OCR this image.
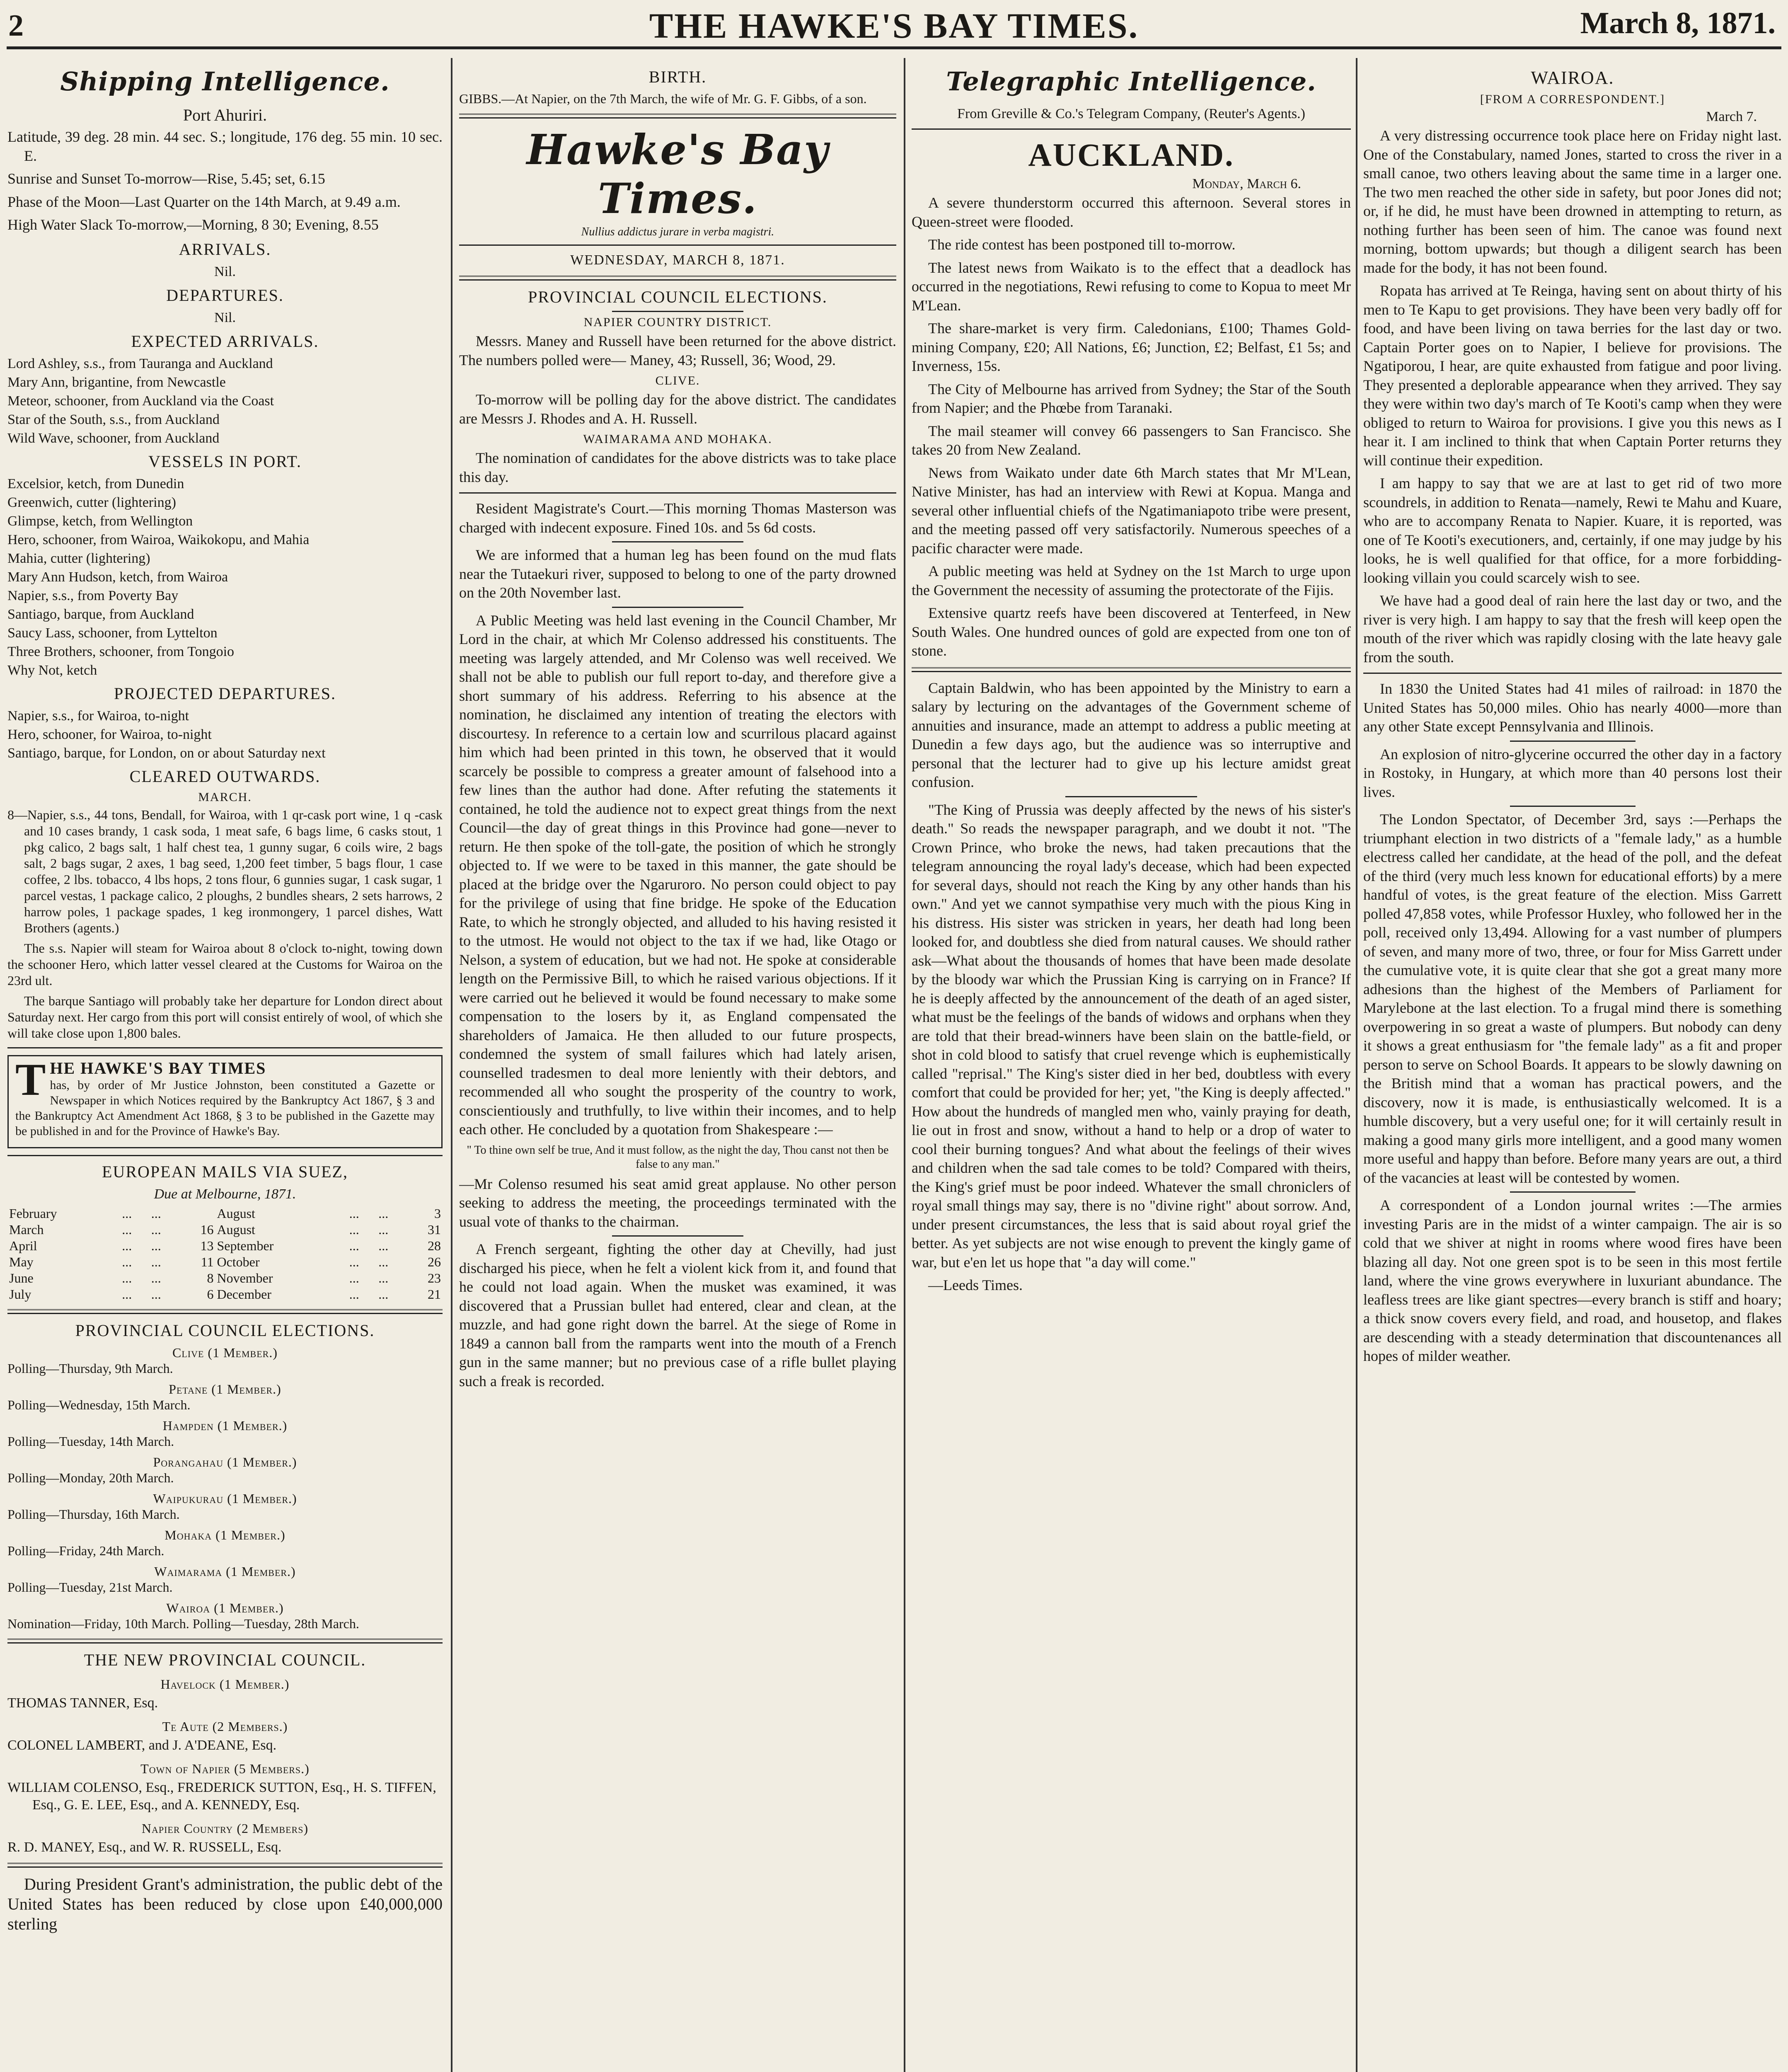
2	THE HAWKE'S BAY TIMES.	March 8, 1871.
Shipping Intelligence.
Port Ahuriri.

Latitude, 39 deg. 28 min. 44 sec. S.; longitude, 176 deg. 55 min. 10 sec. E.

Sunrise and Sunset To-morrow—Rise, 5.45; set, 6.15

Phase of the Moon—Last Quarter on the 14th March, at 9.49 a.m.

High Water Slack To-morrow,—Morning, 8 30; Evening, 8.55

ARRIVALS.
Nil.
DEPARTURES.
Nil.
EXPECTED ARRIVALS.
Lord Ashley, s.s., from Tauranga and Auckland
Mary Ann, brigantine, from Newcastle
Meteor, schooner, from Auckland via the Coast
Star of the South, s.s., from Auckland
Wild Wave, schooner, from Auckland
VESSELS IN PORT.
Excelsior, ketch, from Dunedin
Greenwich, cutter (lightering)
Glimpse, ketch, from Wellington
Hero, schooner, from Wairoa, Waikokopu, and Mahia
Mahia, cutter (lightering)
Mary Ann Hudson, ketch, from Wairoa
Napier, s.s., from Poverty Bay
Santiago, barque, from Auckland
Saucy Lass, schooner, from Lyttelton
Three Brothers, schooner, from Tongoio
Why Not, ketch
PROJECTED DEPARTURES.
Napier, s.s., for Wairoa, to-night
Hero, schooner, for Wairoa, to-night
Santiago, barque, for London, on or about Saturday next
CLEARED OUTWARDS.
MARCH.

8—Napier, s.s., 44 tons, Bendall, for Wairoa, with 1 qr-cask port wine, 1 q -cask and 10 cases brandy, 1 cask soda, 1 meat safe, 6 bags lime, 6 casks stout, 1 pkg calico, 2 bags salt, 1 half chest tea, 1 gunny sugar, 6 coils wire, 2 bags salt, 2 bags sugar, 2 axes, 1 bag seed, 1,200 feet timber, 5 bags flour, 1 case coffee, 2 lbs. tobacco, 4 lbs hops, 2 tons flour, 6 gunnies sugar, 1 cask sugar, 1 parcel vestas, 1 package calico, 2 ploughs, 2 bundles shears, 2 sets harrows, 2 harrow poles, 1 package spades, 1 keg ironmongery, 1 parcel dishes, Watt Brothers (agents.)

The s.s. Napier will steam for Wairoa about 8 o'clock to-night, towing down the schooner Hero, which latter vessel cleared at the Customs for Wairoa on the 23rd ult.

The barque Santiago will probably take her departure for London direct about Saturday next. Her cargo from this port will consist entirely of wool, of which she will take close upon 1,800 bales.

THE HAWKE'S BAY TIMES
has, by order of Mr Justice Johnston, been constituted a Gazette or Newspaper in which Notices required by the Bankruptcy Act 1867, § 3 and the Bankruptcy Act Amendment Act 1868, § 3 to be published in the Gazette may be published in and for the Province of Hawke's Bay.

EUROPEAN MAILS VIA SUEZ,
Due at Melbourne, 1871.
February	...	...		August	...	...	3
March	...	...	16	August	...	...	31
April	...	...	13	September	...	...	28
May	...	...	11	October	...	...	26
June	...	...	8	November	...	...	23
July	...	...	6	December	...	...	21
PROVINCIAL COUNCIL ELECTIONS.
Clive (1 Member.)
Polling—Thursday, 9th March.
Petane (1 Member.)
Polling—Wednesday, 15th March.
Hampden (1 Member.)
Polling—Tuesday, 14th March.
Porangahau (1 Member.)
Polling—Monday, 20th March.
Waipukurau (1 Member.)
Polling—Thursday, 16th March.
Mohaka (1 Member.)
Polling—Friday, 24th March.
Waimarama (1 Member.)
Polling—Tuesday, 21st March.
Wairoa (1 Member.)
Nomination—Friday, 10th March. Polling—Tuesday, 28th March.
THE NEW PROVINCIAL COUNCIL.
Havelock (1 Member.)
THOMAS TANNER, Esq.
Te Aute (2 Members.)
COLONEL LAMBERT, and J. A'DEANE, Esq.
Town of Napier (5 Members.)
WILLIAM COLENSO, Esq., FREDERICK SUTTON, Esq., H. S. TIFFEN, Esq., G. E. LEE, Esq., and A. KENNEDY, Esq.
Napier Country (2 Members)
R. D. MANEY, Esq., and W. R. RUSSELL, Esq.

During President Grant's administration, the public debt of the United States has been reduced by close upon £40,000,000 sterling

BIRTH.

GIBBS.—At Napier, on the 7th March, the wife of Mr. G. F. Gibbs, of a son.

Hawke's Bay Times.
Nullius addictus jurare in verba magistri.
WEDNESDAY, MARCH 8, 1871.
PROVINCIAL COUNCIL ELECTIONS.
NAPIER COUNTRY DISTRICT.

Messrs. Maney and Russell have been returned for the above district. The numbers polled were— Maney, 43; Russell, 36; Wood, 29.

CLIVE.

To-morrow will be polling day for the above district. The candidates are Messrs J. Rhodes and A. H. Russell.

WAIMARAMA AND MOHAKA.

The nomination of candidates for the above districts was to take place this day.

Resident Magistrate's Court.—This morning Thomas Masterson was charged with indecent exposure. Fined 10s. and 5s 6d costs.

We are informed that a human leg has been found on the mud flats near the Tutaekuri river, supposed to belong to one of the party drowned on the 20th November last.

A Public Meeting was held last evening in the Council Chamber, Mr Lord in the chair, at which Mr Colenso addressed his constituents. The meeting was largely attended, and Mr Colenso was well received. We shall not be able to publish our full report to-day, and therefore give a short summary of his address. Referring to his absence at the nomination, he disclaimed any intention of treating the electors with discourtesy. In reference to a certain low and scurrilous placard against him which had been printed in this town, he observed that it would scarcely be possible to compress a greater amount of falsehood into a few lines than the author had done. After refuting the statements it contained, he told the audience not to expect great things from the next Council—the day of great things in this Province had gone—never to return. He then spoke of the toll-gate, the position of which he strongly objected to. If we were to be taxed in this manner, the gate should be placed at the bridge over the Ngaruroro. No person could object to pay for the privilege of using that fine bridge. He spoke of the Education Rate, to which he strongly objected, and alluded to his having resisted it to the utmost. He would not object to the tax if we had, like Otago or Nelson, a system of education, but we had not. He spoke at considerable length on the Permissive Bill, to which he raised various objections. If it were carried out he believed it would be found necessary to make some compensation to the losers by it, as England compensated the shareholders of Jamaica. He then alluded to our future prospects, condemned the system of small failures which had lately arisen, counselled tradesmen to deal more leniently with their debtors, and recommended all who sought the prosperity of the country to work, conscientiously and truthfully, to live within their incomes, and to help each other. He concluded by a quotation from Shakespeare :—

" To thine own self be true, And it must follow, as the night the day, Thou canst not then be false to any man."

—Mr Colenso resumed his seat amid great applause. No other person seeking to address the meeting, the proceedings terminated with the usual vote of thanks to the chairman.

A French sergeant, fighting the other day at Chevilly, had just discharged his piece, when he felt a violent kick from it, and found that he could not load again. When the musket was examined, it was discovered that a Prussian bullet had entered, clear and clean, at the muzzle, and had gone right down the barrel. At the siege of Rome in 1849 a cannon ball from the ramparts went into the mouth of a French gun in the same manner; but no previous case of a rifle bullet playing such a freak is recorded.

Telegraphic Intelligence.
From Greville & Co.'s Telegram Company, (Reuter's Agents.)
AUCKLAND.
Monday, March 6.

A severe thunderstorm occurred this afternoon. Several stores in Queen-street were flooded.

The ride contest has been postponed till to-morrow.

The latest news from Waikato is to the effect that a deadlock has occurred in the negotiations, Rewi refusing to come to Kopua to meet Mr M'Lean.

The share-market is very firm. Caledonians, £100; Thames Gold-mining Company, £20; All Nations, £6; Junction, £2; Belfast, £1 5s; and Inverness, 15s.

The City of Melbourne has arrived from Sydney; the Star of the South from Napier; and the Phœbe from Taranaki.

The mail steamer will convey 66 passengers to San Francisco. She takes 20 from New Zealand.

News from Waikato under date 6th March states that Mr M'Lean, Native Minister, has had an interview with Rewi at Kopua. Manga and several other influential chiefs of the Ngatimaniapoto tribe were present, and the meeting passed off very satisfactorily. Numerous speeches of a pacific character were made.

A public meeting was held at Sydney on the 1st March to urge upon the Government the necessity of assuming the protectorate of the Fijis.

Extensive quartz reefs have been discovered at Tenterfeed, in New South Wales. One hundred ounces of gold are expected from one ton of stone.

Captain Baldwin, who has been appointed by the Ministry to earn a salary by lecturing on the advantages of the Government scheme of annuities and insurance, made an attempt to address a public meeting at Dunedin a few days ago, but the audience was so interruptive and personal that the lecturer had to give up his lecture amidst great confusion.

"The King of Prussia was deeply affected by the news of his sister's death." So reads the newspaper paragraph, and we doubt it not. "The Crown Prince, who broke the news, had taken precautions that the telegram announcing the royal lady's decease, which had been expected for several days, should not reach the King by any other hands than his own." And yet we cannot sympathise very much with the pious King in his distress. His sister was stricken in years, her death had long been looked for, and doubtless she died from natural causes. We should rather ask—What about the thousands of homes that have been made desolate by the bloody war which the Prussian King is carrying on in France? If he is deeply affected by the announcement of the death of an aged sister, what must be the feelings of the bands of widows and orphans when they are told that their bread-winners have been slain on the battle-field, or shot in cold blood to satisfy that cruel revenge which is euphemistically called "reprisal." The King's sister died in her bed, doubtless with every comfort that could be provided for her; yet, "the King is deeply affected." How about the hundreds of mangled men who, vainly praying for death, lie out in frost and snow, without a hand to help or a drop of water to cool their burning tongues? And what about the feelings of their wives and children when the sad tale comes to be told? Compared with theirs, the King's grief must be poor indeed. Whatever the small chroniclers of royal small things may say, there is no "divine right" about sorrow. And, under present circumstances, the less that is said about royal grief the better. As yet subjects are not wise enough to prevent the kingly game of war, but e'en let us hope that "a day will come."

—Leeds Times.

WAIROA.
[FROM A CORRESPONDENT.]
March 7.

A very distressing occurrence took place here on Friday night last. One of the Constabulary, named Jones, started to cross the river in a small canoe, two others leaving about the same time in a larger one. The two men reached the other side in safety, but poor Jones did not; or, if he did, he must have been drowned in attempting to return, as nothing further has been seen of him. The canoe was found next morning, bottom upwards; but though a diligent search has been made for the body, it has not been found.

Ropata has arrived at Te Reinga, having sent on about thirty of his men to Te Kapu to get provisions. They have been very badly off for food, and have been living on tawa berries for the last day or two. Captain Porter goes on to Napier, I believe for provisions. The Ngatiporou, I hear, are quite exhausted from fatigue and poor living. They presented a deplorable appearance when they arrived. They say they were within two day's march of Te Kooti's camp when they were obliged to return to Wairoa for provisions. I give you this news as I hear it. I am inclined to think that when Captain Porter returns they will continue their expedition.

I am happy to say that we are at last to get rid of two more scoundrels, in addition to Renata—namely, Rewi te Mahu and Kuare, who are to accompany Renata to Napier. Kuare, it is reported, was one of Te Kooti's executioners, and, certainly, if one may judge by his looks, he is well qualified for that office, for a more forbidding-looking villain you could scarcely wish to see.

We have had a good deal of rain here the last day or two, and the river is very high. I am happy to say that the fresh will keep open the mouth of the river which was rapidly closing with the late heavy gale from the south.

In 1830 the United States had 41 miles of railroad: in 1870 the United States has 50,000 miles. Ohio has nearly 4000—more than any other State except Pennsylvania and Illinois.

An explosion of nitro-glycerine occurred the other day in a factory in Rostoky, in Hungary, at which more than 40 persons lost their lives.

The London Spectator, of December 3rd, says :—Perhaps the triumphant election in two districts of a "female lady," as a humble electress called her candidate, at the head of the poll, and the defeat of the third (very much less known for educational efforts) by a mere handful of votes, is the great feature of the election. Miss Garrett polled 47,858 votes, while Professor Huxley, who followed her in the poll, received only 13,494. Allowing for a vast number of plumpers of seven, and many more of two, three, or four for Miss Garrett under the cumulative vote, it is quite clear that she got a great many more adhesions than the highest of the Members of Parliament for Marylebone at the last election. To a frugal mind there is something overpowering in so great a waste of plumpers. But nobody can deny it shows a great enthusiasm for "the female lady" as a fit and proper person to serve on School Boards. It appears to be slowly dawning on the British mind that a woman has practical powers, and the discovery, now it is made, is enthusiastically welcomed. It is a humble discovery, but a very useful one; for it will certainly result in making a good many girls more intelligent, and a good many women more useful and happy than before. Before many years are out, a third of the vacancies at least will be contested by women.

A correspondent of a London journal writes :—The armies investing Paris are in the midst of a winter campaign. The air is so cold that we shiver at night in rooms where wood fires have been blazing all day. Not one green spot is to be seen in this most fertile land, where the vine grows everywhere in luxuriant abundance. The leafless trees are like giant spectres—every branch is stiff and hoary; a thick snow covers every field, and road, and housetop, and flakes are descending with a steady determination that discountenances all hopes of milder weather.
